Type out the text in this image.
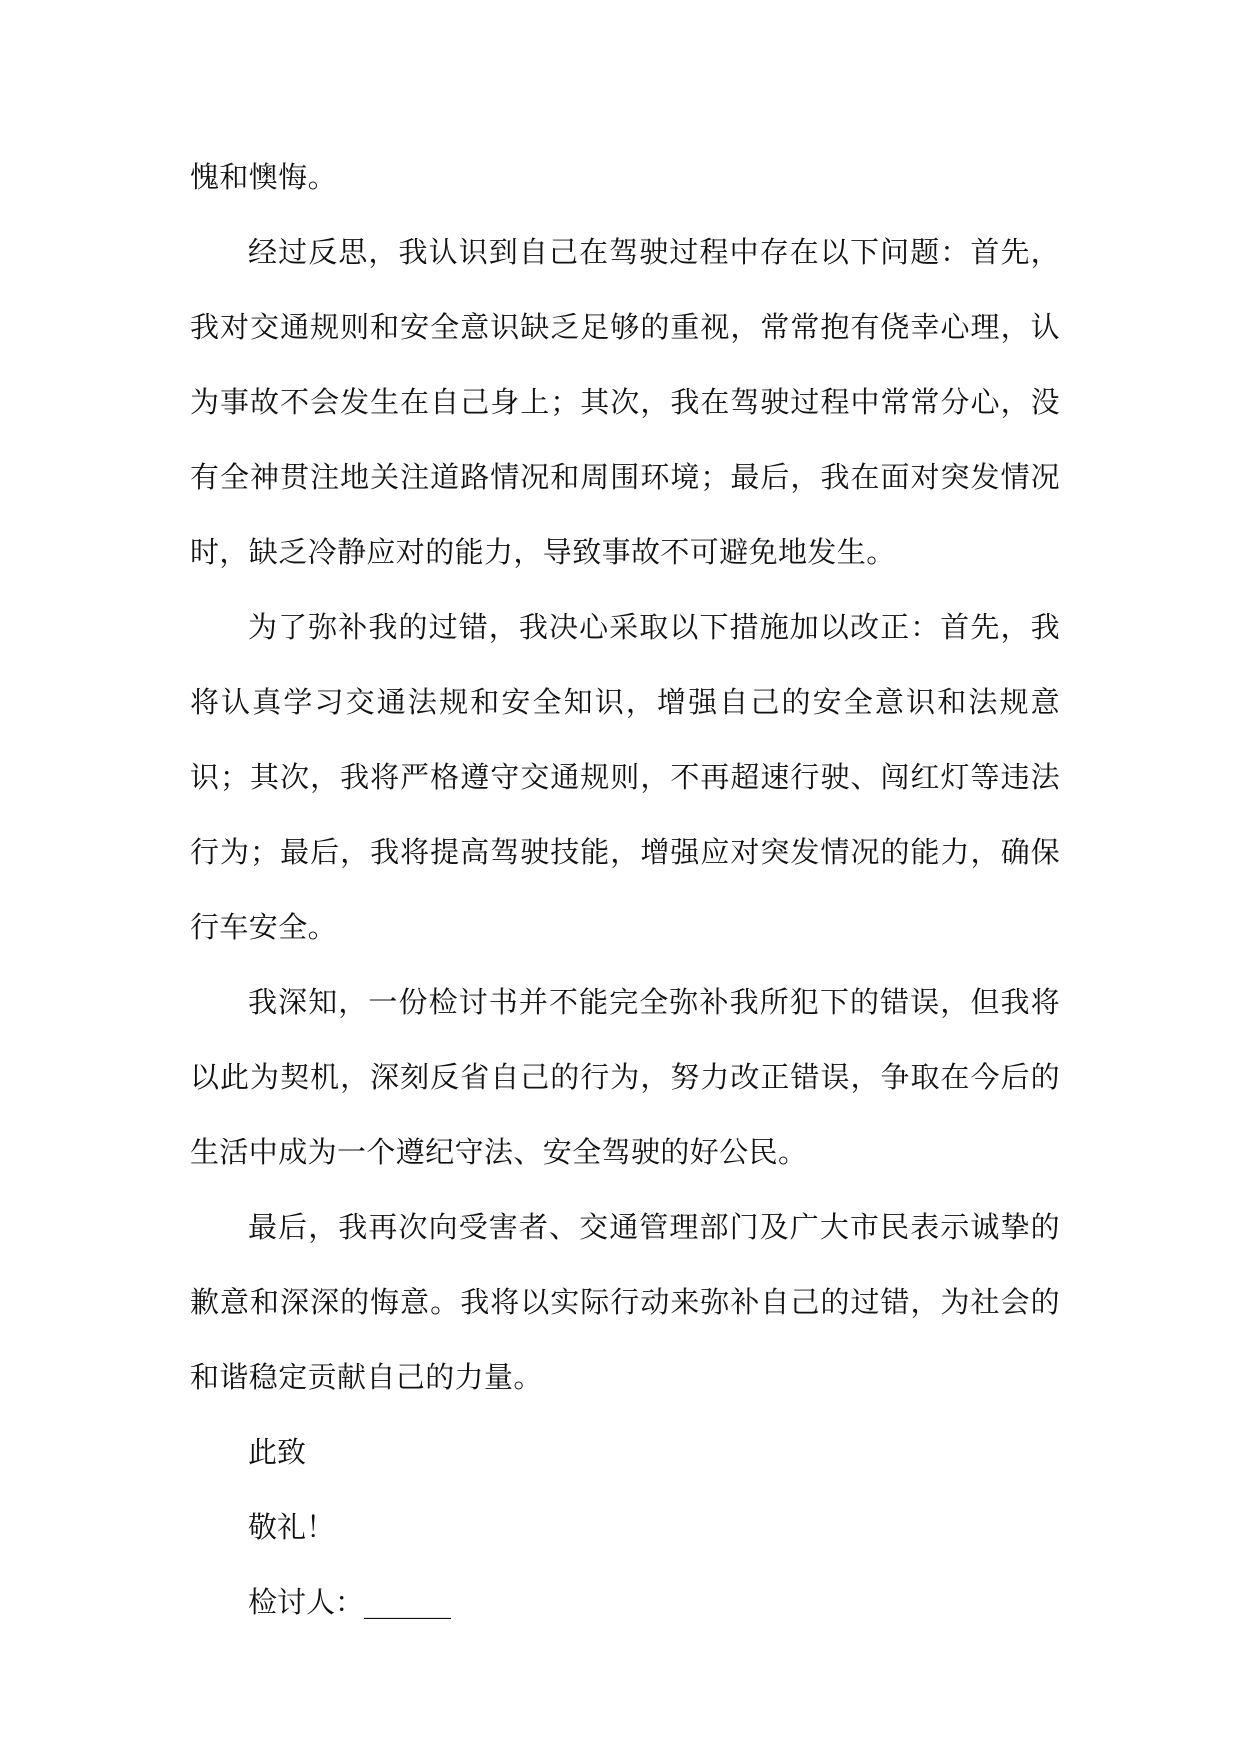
愧和懊悔。

经过反思，我认识到自己在驾驶过程中存在以下问题：首先，我对交通规则和安全意识缺乏足够的重视，常常抱有侥幸心理，认为事故不会发生在自己身上；其次，我在驾驶过程中常常分心，没有全神贯注地关注道路情况和周围环境；最后，我在面对突发情况时，缺乏冷静应对的能力，导致事故不可避免地发生。

为了弥补我的过错，我决心采取以下措施加以改正：首先，我将认真学习交通法规和安全知识，增强自己的安全意识和法规意识；其次，我将严格遵守交通规则，不再超速行驶、闯红灯等违法行为；最后，我将提高驾驶技能，增强应对突发情况的能力，确保行车安全。

我深知，一份检讨书并不能完全弥补我所犯下的错误，但我将以此为契机，深刻反省自己的行为，努力改正错误，争取在今后的生活中成为一个遵纪守法、安全驾驶的好公民。

最后，我再次向受害者、交通管理部门及广大市民表示诚挚的歉意和深深的悔意。我将以实际行动来弥补自己的过错，为社会的和谐稳定贡献自己的力量。

此致

敬礼！

检讨人：______
